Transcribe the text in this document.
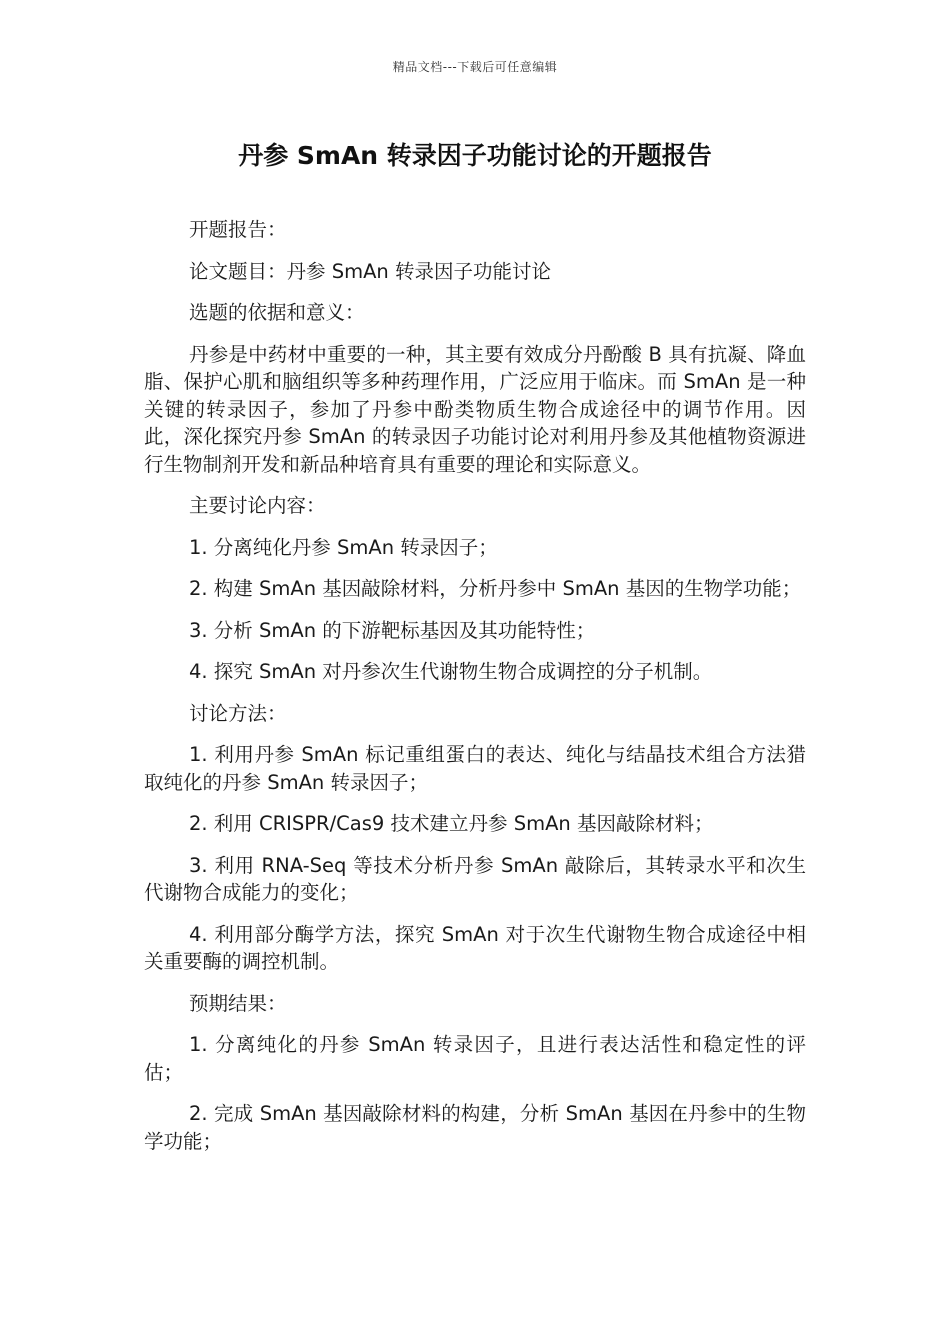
精品文档---下载后可任意编辑
丹参 SmAn 转录因子功能讨论的开题报告

开题报告：

论文题目：丹参 SmAn 转录因子功能讨论

选题的依据和意义：

丹参是中药材中重要的一种，其主要有效成分丹酚酸 B 具有抗凝、降血脂、保护心肌和脑组织等多种药理作用，广泛应用于临床。而 SmAn 是一种关键的转录因子，参加了丹参中酚类物质生物合成途径中的调节作用。因此，深化探究丹参 SmAn 的转录因子功能讨论对利用丹参及其他植物资源进行生物制剂开发和新品种培育具有重要的理论和实际意义。

主要讨论内容：

1. 分离纯化丹参 SmAn 转录因子；

2. 构建 SmAn 基因敲除材料，分析丹参中 SmAn 基因的生物学功能；

3. 分析 SmAn 的下游靶标基因及其功能特性；

4. 探究 SmAn 对丹参次生代谢物生物合成调控的分子机制。

讨论方法：

1. 利用丹参 SmAn 标记重组蛋白的表达、纯化与结晶技术组合方法猎取纯化的丹参 SmAn 转录因子；

2. 利用 CRISPR/Cas9 技术建立丹参 SmAn 基因敲除材料；

3. 利用 RNA-Seq 等技术分析丹参 SmAn 敲除后，其转录水平和次生代谢物合成能力的变化；

4. 利用部分酶学方法，探究 SmAn 对于次生代谢物生物合成途径中相关重要酶的调控机制。

预期结果：

1. 分离纯化的丹参 SmAn 转录因子，且进行表达活性和稳定性的评估；

2. 完成 SmAn 基因敲除材料的构建，分析 SmAn 基因在丹参中的生物学功能；
